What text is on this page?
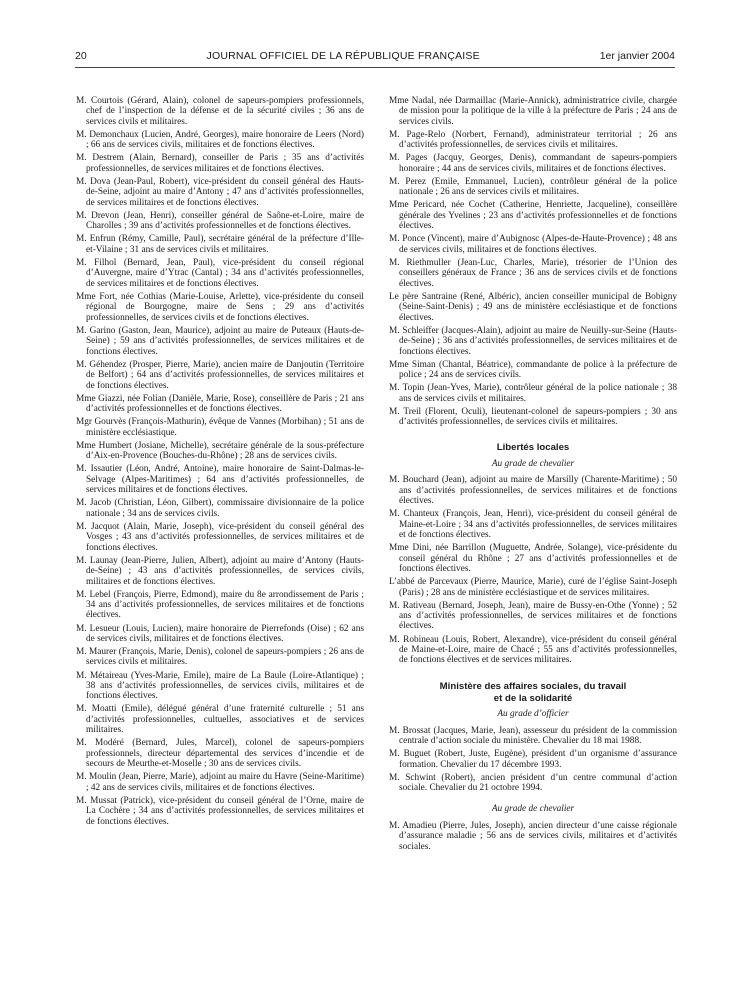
20	JOURNAL OFFICIEL DE LA RÉPUBLIQUE FRANÇAISE	1er janvier 2004

M. Courtois (Gérard, Alain), colonel de sapeurs-pompiers professionnels, chef de l’inspection de la défense et de la sécurité civiles ; 36 ans de services civils et militaires.

M. Demonchaux (Lucien, André, Georges), maire honoraire de Leers (Nord) ; 66 ans de services civils, militaires et de fonctions électives.

M. Destrem (Alain, Bernard), conseiller de Paris ; 35 ans d’activités professionnelles, de services militaires et de fonctions électives.

M. Dova (Jean-Paul, Robert), vice-président du conseil général des Hauts-de-Seine, adjoint au maire d’Antony ; 47 ans d’activités professionnelles, de services militaires et de fonctions électives.

M. Drevon (Jean, Henri), conseiller général de Saône-et-Loire, maire de Charolles ; 39 ans d’activités professionnelles et de fonctions électives.

M. Enfrun (Rémy, Camille, Paul), secrétaire général de la préfecture d’Ille-et-Vilaine ; 31 ans de services civils et militaires.

M. Filhol (Bernard, Jean, Paul), vice-président du conseil régional d’Auvergne, maire d’Ytrac (Cantal) ; 34 ans d’activités professionnelles, de services militaires et de fonctions électives.

Mme Fort, née Cothias (Marie-Louise, Arlette), vice-présidente du conseil régional de Bourgogne, maire de Sens ; 29 ans d’activités professionnelles, de services civils et de fonctions électives.

M. Garino (Gaston, Jean, Maurice), adjoint au maire de Puteaux (Hauts-de-Seine) ; 59 ans d’activités professionnelles, de services militaires et de fonctions électives.

M. Géhendez (Prosper, Pierre, Marie), ancien maire de Danjoutin (Territoire de Belfort) ; 64 ans d’activités professionnelles, de services militaires et de fonctions électives.

Mme Giazzi, née Folian (Danièle, Marie, Rose), conseillère de Paris ; 21 ans d’activités professionnelles et de fonctions électives.

Mgr Gourvès (François-Mathurin), évêque de Vannes (Morbihan) ; 51 ans de ministère ecclésiastique.

Mme Humbert (Josiane, Michelle), secrétaire générale de la sous-préfecture d’Aix-en-Provence (Bouches-du-Rhône) ; 28 ans de services civils.

M. Issautier (Léon, André, Antoine), maire honoraire de Saint-Dalmas-le-Selvage (Alpes-Maritimes) ; 64 ans d’activités professionnelles, de services militaires et de fonctions électives.

M. Jacob (Christian, Léon, Gilbert), commissaire divisionnaire de la police nationale ; 34 ans de services civils.

M. Jacquot (Alain, Marie, Joseph), vice-président du conseil général des Vosges ; 43 ans d’activités professionnelles, de services militaires et de fonctions électives.

M. Launay (Jean-Pierre, Julien, Albert), adjoint au maire d’Antony (Hauts-de-Seine) ; 43 ans d’activités professionnelles, de services civils, militaires et de fonctions électives.

M. Lebel (François, Pierre, Edmond), maire du 8e arrondissement de Paris ; 34 ans d’activités professionnelles, de services militaires et de fonctions électives.

M. Lesueur (Louis, Lucien), maire honoraire de Pierrefonds (Oise) ; 62 ans de services civils, militaires et de fonctions électives.

M. Maurer (François, Marie, Denis), colonel de sapeurs-pompiers ; 26 ans de services civils et militaires.

M. Métaireau (Yves-Marie, Emile), maire de La Baule (Loire-Atlantique) ; 38 ans d’activités professionnelles, de services civils, militaires et de fonctions électives.

M. Moatti (Emile), délégué général d’une fraternité culturelle ; 51 ans d’activités professionnelles, cultuelles, associatives et de services militaires.

M. Modéré (Bernard, Jules, Marcel), colonel de sapeurs-pompiers professionnels, directeur départemental des services d’incendie et de secours de Meurthe-et-Moselle ; 30 ans de services civils.

M. Moulin (Jean, Pierre, Marie), adjoint au maire du Havre (Seine-Maritime) ; 42 ans de services civils, militaires et de fonctions électives.

M. Mussat (Patrick), vice-président du conseil général de l’Orne, maire de La Cochère ; 34 ans d’activités professionnelles, de services militaires et de fonctions électives.

Mme Nadal, née Darmaillac (Marie-Annick), administratrice civile, chargée de mission pour la politique de la ville à la préfecture de Paris ; 24 ans de services civils.

M. Page-Relo (Norbert, Fernand), administrateur territorial ; 26 ans d’activités professionnelles, de services civils et militaires.

M. Pages (Jacquy, Georges, Denis), commandant de sapeurs-pompiers honoraire ; 44 ans de services civils, militaires et de fonctions électives.

M. Perez (Emile, Emmanuel, Lucien), contrôleur général de la police nationale ; 26 ans de services civils et militaires.

Mme Pericard, née Cochet (Catherine, Henriette, Jacqueline), conseillère générale des Yvelines ; 23 ans d’activités professionnelles et de fonctions électives.

M. Ponce (Vincent), maire d’Aubignosc (Alpes-de-Haute-Provence) ; 48 ans de services civils, militaires et de fonctions électives.

M. Riethmuller (Jean-Luc, Charles, Marie), trésorier de l’Union des conseillers généraux de France ; 36 ans de services civils et de fonctions électives.

Le père Santraine (René, Albéric), ancien conseiller municipal de Bobigny (Seine-Saint-Denis) ; 49 ans de ministère ecclésiastique et de fonctions électives.

M. Schleiffer (Jacques-Alain), adjoint au maire de Neuilly-sur-Seine (Hauts-de-Seine) ; 36 ans d’activités professionnelles, de services militaires et de fonctions électives.

Mme Siman (Chantal, Béatrice), commandante de police à la préfecture de police ; 24 ans de services civils.

M. Topin (Jean-Yves, Marie), contrôleur général de la police nationale ; 38 ans de services civils et militaires.

M. Treil (Florent, Oculi), lieutenant-colonel de sapeurs-pompiers ; 30 ans d’activités professionnelles, de services civils et militaires.

Libertés locales

Au grade de chevalier

M. Bouchard (Jean), adjoint au maire de Marsilly (Charente-Maritime) ; 50 ans d’activités professionnelles, de services militaires et de fonctions électives.

M. Chanteux (François, Jean, Henri), vice-président du conseil général de Maine-et-Loire ; 34 ans d’activités professionnelles, de services militaires et de fonctions électives.

Mme Dini, née Barrillon (Muguette, Andrée, Solange), vice-présidente du conseil général du Rhône ; 27 ans d’activités professionnelles et de fonctions électives.

L’abbé de Parcevaux (Pierre, Maurice, Marie), curé de l’église Saint-Joseph (Paris) ; 28 ans de ministère ecclésiastique et de services militaires.

M. Rativeau (Bernard, Joseph, Jean), maire de Bussy-en-Othe (Yonne) ; 52 ans d’activités professionnelles, de services militaires et de fonctions électives.

M. Robineau (Louis, Robert, Alexandre), vice-président du conseil général de Maine-et-Loire, maire de Chacé ; 55 ans d’activités professionnelles, de fonctions électives et de services militaires.

Ministère des affaires sociales, du travail

et de la solidarité

Au grade d’officier

M. Brossat (Jacques, Marie, Jean), assesseur du président de la commission centrale d’action sociale du ministère. Chevalier du 18 mai 1988.

M. Buguet (Robert, Juste, Eugène), président d’un organisme d’assurance formation. Chevalier du 17 décembre 1993.

M. Schwint (Robert), ancien président d’un centre communal d’action sociale. Chevalier du 21 octobre 1994.

Au grade de chevalier

M. Amadieu (Pierre, Jules, Joseph), ancien directeur d’une caisse régionale d’assurance maladie ; 56 ans de services civils, militaires et d’activités sociales.
